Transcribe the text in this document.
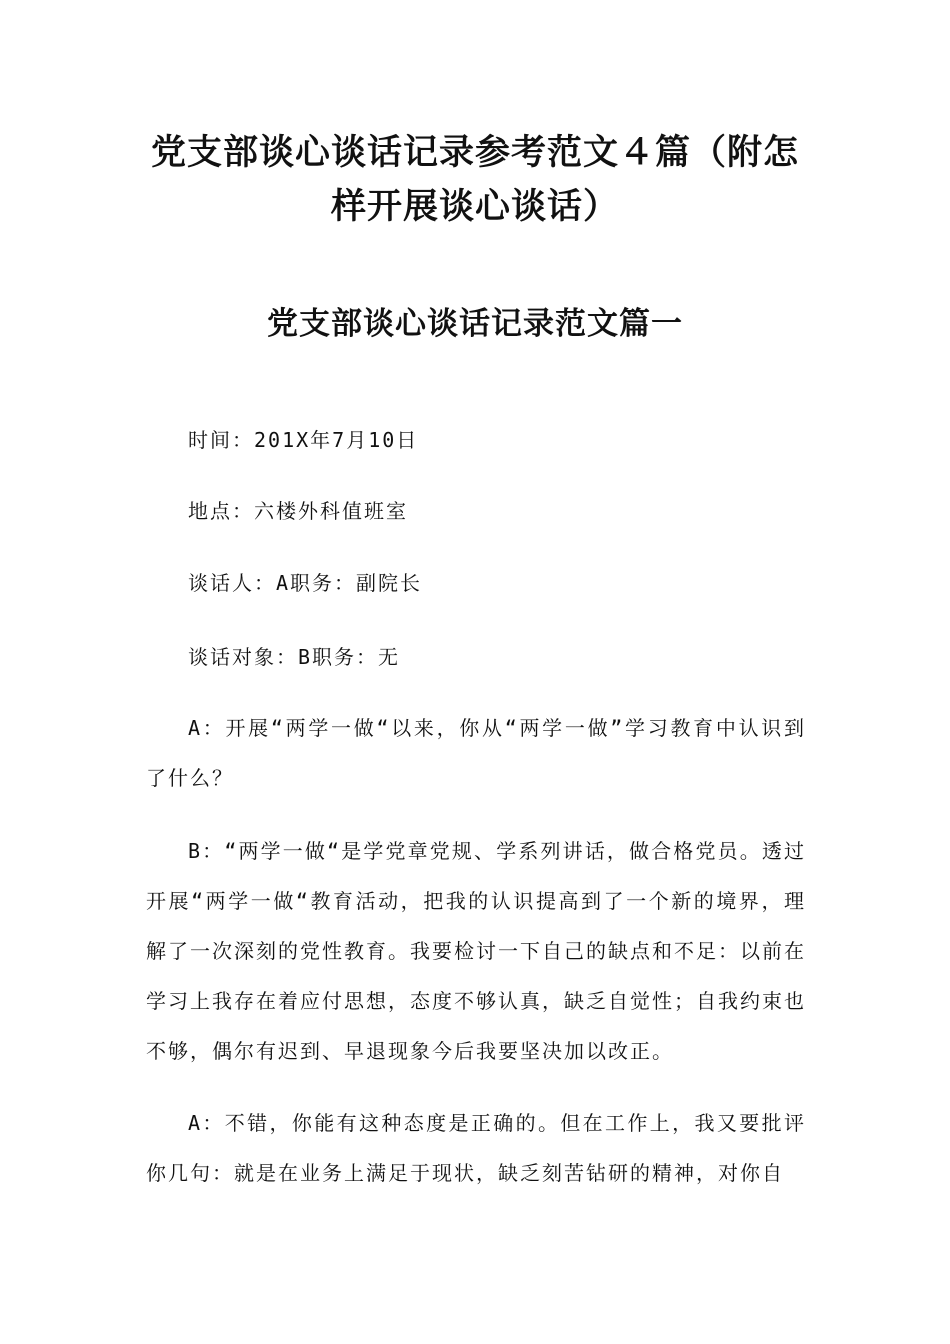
党支部谈心谈话记录参考范文４篇（附怎
样开展谈心谈话）
党支部谈心谈话记录范文篇一

时间：201X年7月10日

地点：六楼外科值班室

谈话人：A职务：副院长

谈话对象：B职务：无

A：开展“两学一做“以来，你从“两学一做”学习教育中认识到了什么？

B：“两学一做“是学党章党规、学系列讲话，做合格党员。透过开展“两学一做“教育活动，把我的认识提高到了一个新的境界，理解了一次深刻的党性教育。我要检讨一下自己的缺点和不足：以前在学习上我存在着应付思想，态度不够认真，缺乏自觉性；自我约束也不够，偶尔有迟到、早退现象今后我要坚决加以改正。

A：不错，你能有这种态度是正确的。但在工作上，我又要批评你几句：就是在业务上满足于现状，缺乏刻苦钻研的精神，对你自
